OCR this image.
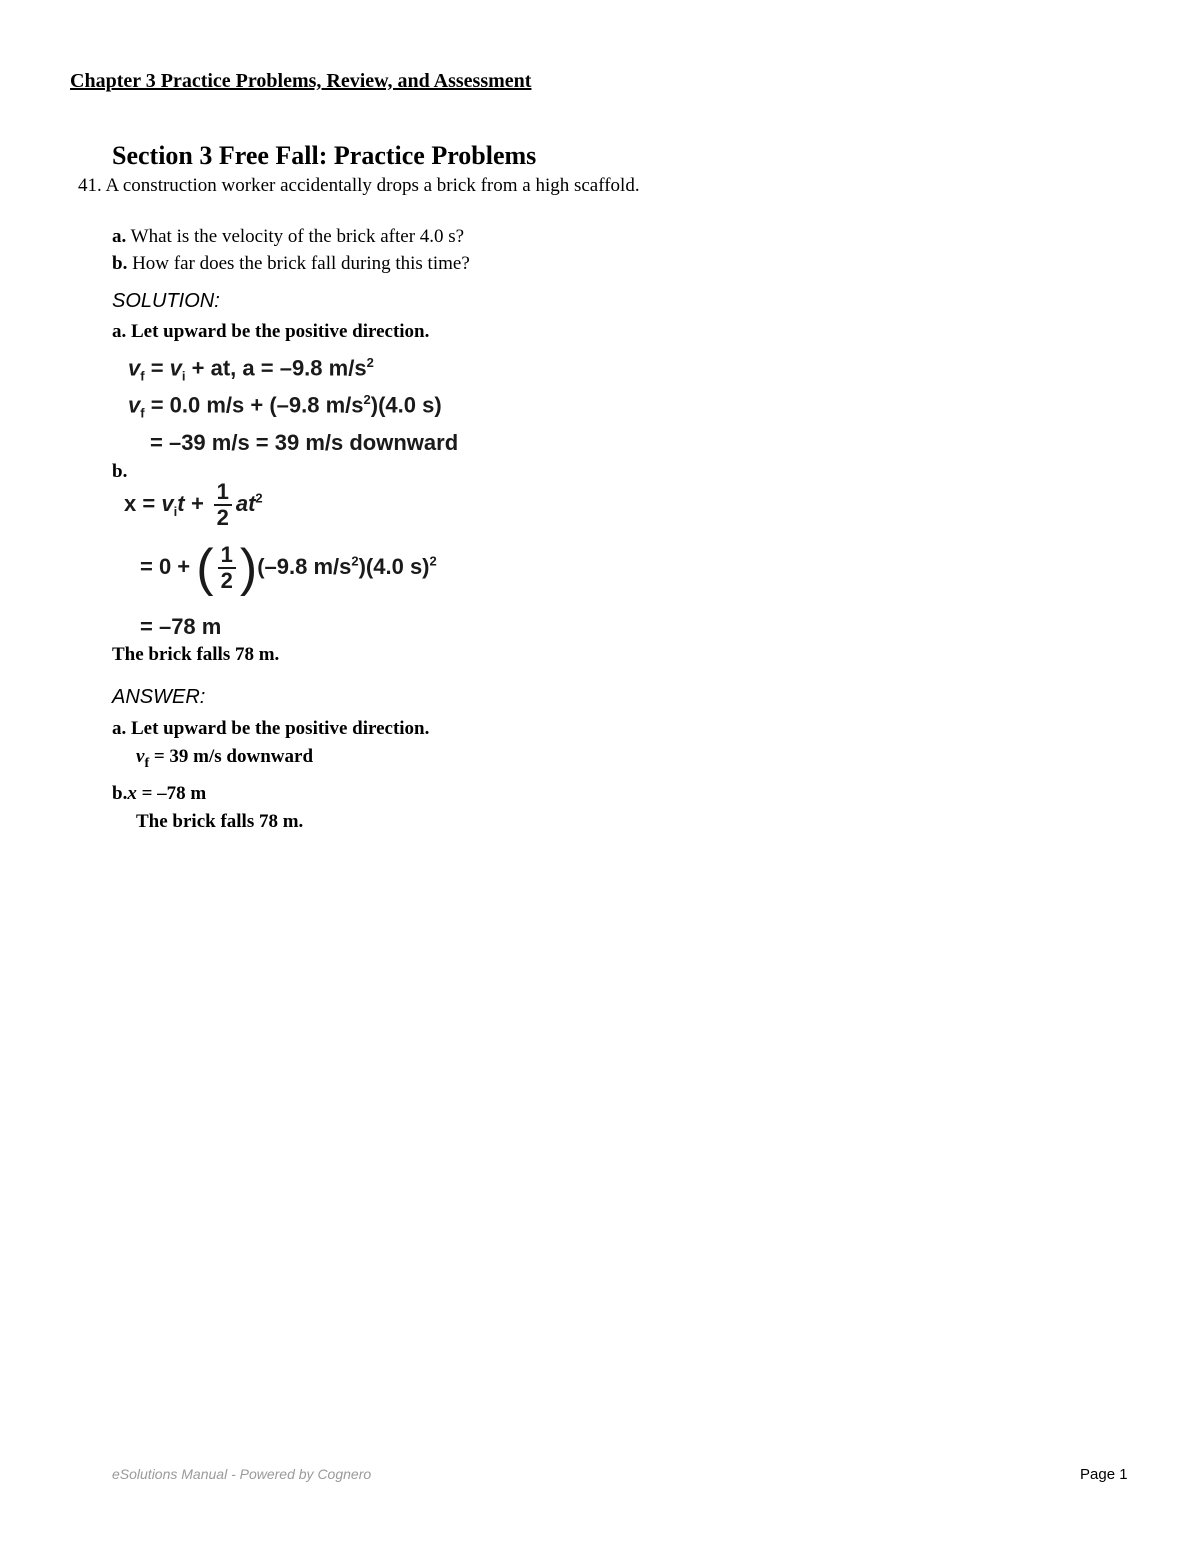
Chapter 3 Practice Problems, Review, and Assessment
Section 3 Free Fall: Practice Problems
41. A construction worker accidentally drops a brick from a high scaffold.
a. What is the velocity of the brick after 4.0 s?
b. How far does the brick fall during this time?
SOLUTION:
a. Let upward be the positive direction.
$v_f = v_i$ + at, a = –9.8 $m/s^2$
$v_f = 0.0$ m/s + (–9.8 $m/s^2)(4.0$ s)
= –39 m/s = 39 m/s downward
b.
$x = v_it + \frac{1}{2} at^2$
= 0 + ( $\frac{1}{2}$ ) (–9.8 $m/s^2)(4.0$ s)$^2$
= –78 m
The brick falls 78 m.
ANSWER:
a. Let upward be the positive direction.
$v_f = 39$ m/s downward
b.x = –78 m
The brick falls 78 m.
eSolutions Manual - Powered by Cognero	Page 1
